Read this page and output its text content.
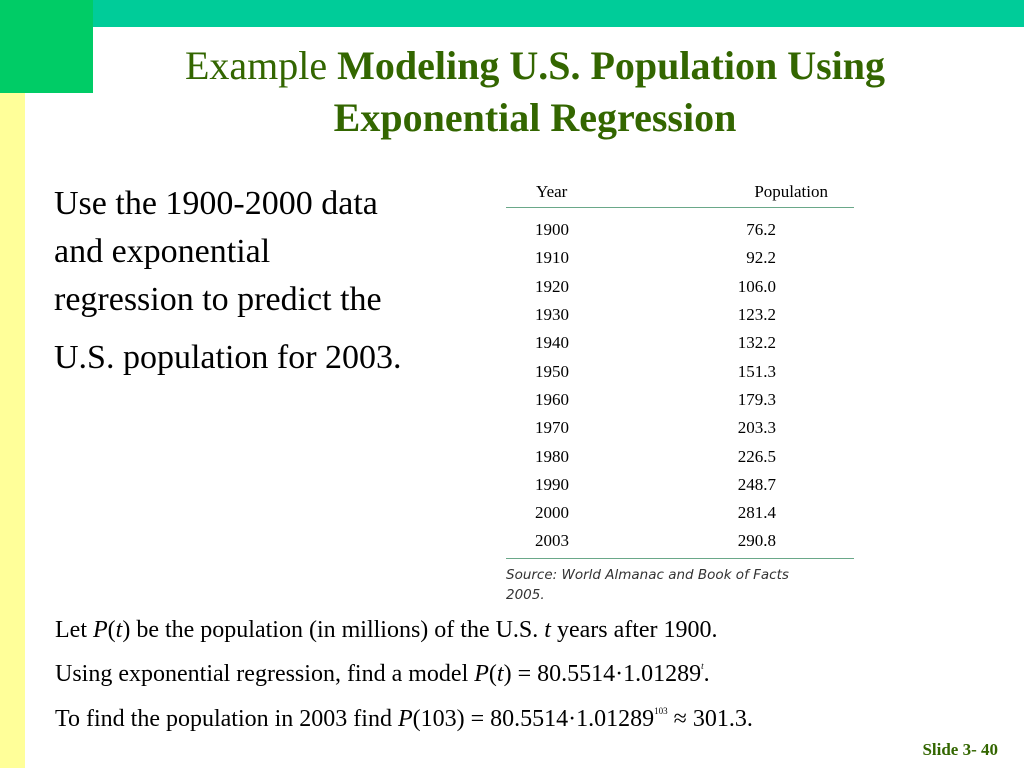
Example Modeling U.S. Population Using
Exponential Regression
Use the 1900-2000 data
and exponential
regression to predict the
U.S. population for 2003.
Year	Population
1900	76.2
1910	92.2
1920	106.0
1930	123.2
1940	132.2
1950	151.3
1960	179.3
1970	203.3
1980	226.5
1990	248.7
2000	281.4
2003	290.8
Source: World Almanac and Book of Facts
2005.
Let P(t) be the population (in millions) of the U.S. t years after 1900.
Using exponential regression, find a model $P(t) = 80.5514\cdot 1.01289^t$.
To find the population in 2003 find $P(103) = 80.5514\cdot 1.01289^{103} \approx 301.3$.
Slide 3- 40
